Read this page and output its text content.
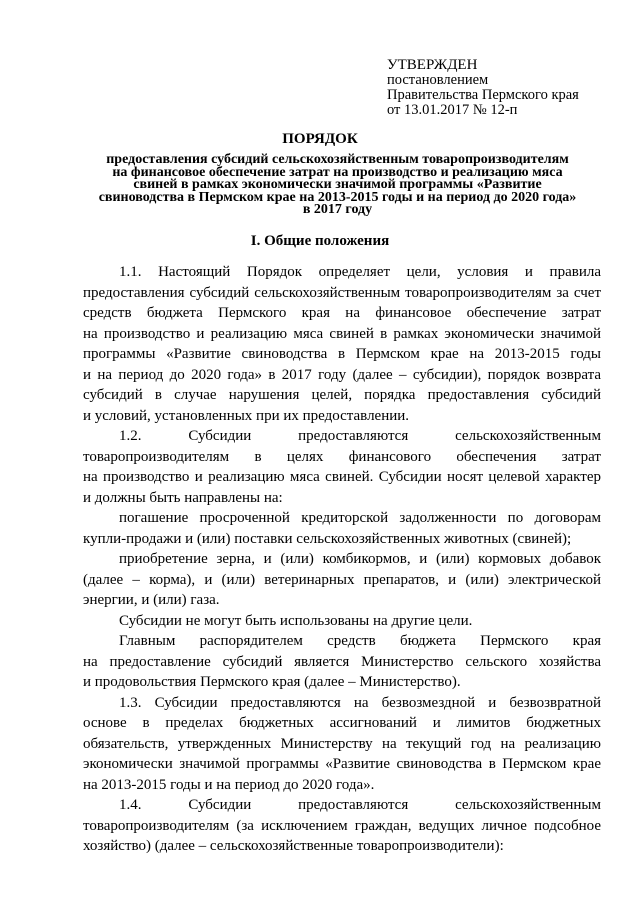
УТВЕРЖДЕН
постановлением
Правительства Пермского края
от 13.01.2017 № 12-п
ПОРЯДОК
предоставления субсидий сельскохозяйственным товаропроизводителям
на финансовое обеспечение затрат на производство и реализацию мяса
свиней в рамках экономически значимой программы «Развитие
свиноводства в Пермском крае на 2013-2015 годы и на период до 2020 года»
в 2017 году
I. Общие положения
1.1. Настоящий Порядок определяет цели, условия и правила
предоставления субсидий сельскохозяйственным товаропроизводителям за счет
средств бюджета Пермского края на финансовое обеспечение затрат
на производство и реализацию мяса свиней в рамках экономически значимой
программы «Развитие свиноводства в Пермском крае на 2013-2015 годы
и на период до 2020 года» в 2017 году (далее – субсидии), порядок возврата
субсидий в случае нарушения целей, порядка предоставления субсидий
и условий, установленных при их предоставлении.
1.2. Субсидии предоставляются сельскохозяйственным
товаропроизводителям в целях финансового обеспечения затрат
на производство и реализацию мяса свиней. Субсидии носят целевой характер
и должны быть направлены на:
погашение просроченной кредиторской задолженности по договорам
купли-продажи и (или) поставки сельскохозяйственных животных (свиней);
приобретение зерна, и (или) комбикормов, и (или) кормовых добавок
(далее – корма), и (или) ветеринарных препаратов, и (или) электрической
энергии, и (или) газа.
Субсидии не могут быть использованы на другие цели.
Главным распорядителем средств бюджета Пермского края
на предоставление субсидий является Министерство сельского хозяйства
и продовольствия Пермского края (далее – Министерство).
1.3. Субсидии предоставляются на безвозмездной и безвозвратной
основе в пределах бюджетных ассигнований и лимитов бюджетных
обязательств, утвержденных Министерству на текущий год на реализацию
экономически значимой программы «Развитие свиноводства в Пермском крае
на 2013-2015 годы и на период до 2020 года».
1.4. Субсидии предоставляются сельскохозяйственным
товаропроизводителям (за исключением граждан, ведущих личное подсобное
хозяйство) (далее – сельскохозяйственные товаропроизводители):
